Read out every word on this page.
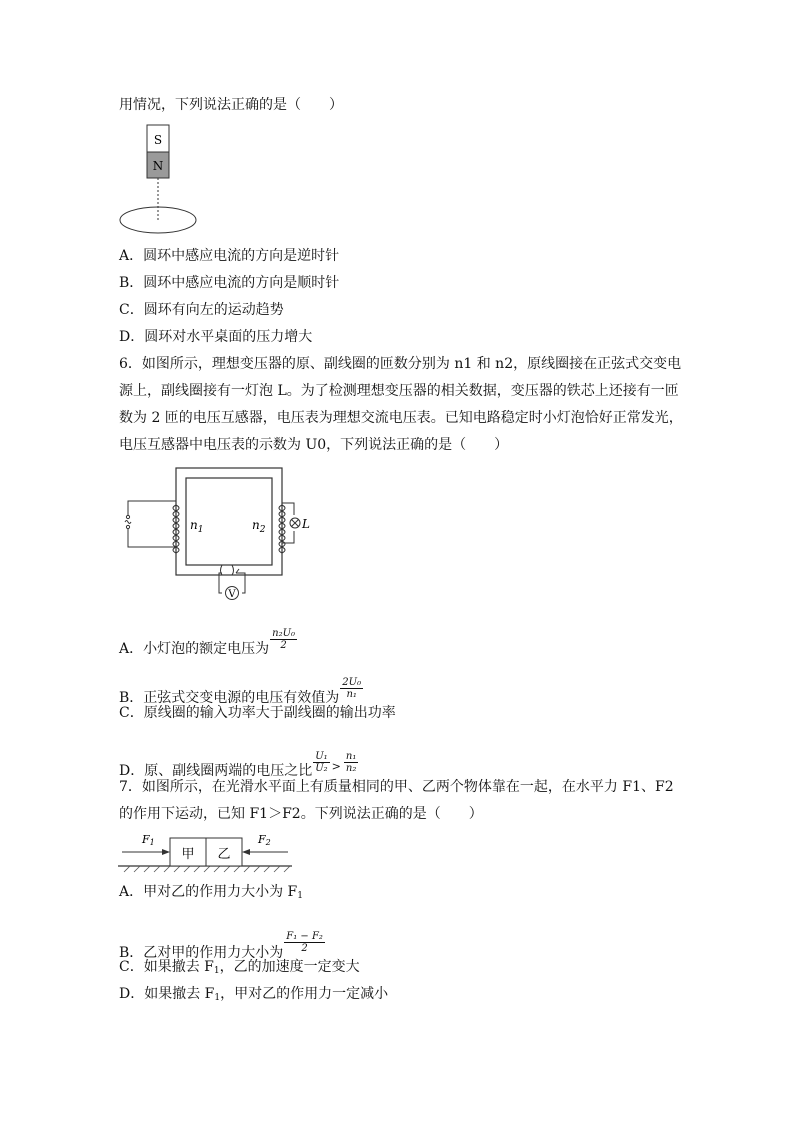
用情况，下列说法正确的是（　　）
S
N
A．圆环中感应电流的方向是逆时针
B．圆环中感应电流的方向是顺时针
C．圆环有向左的运动趋势
D．圆环对水平桌面的压力增大
6．如图所示，理想变压器的原、副线圈的匝数分别为 n1 和 n2，原线圈接在正弦式交变电
源上，副线圈接有一灯泡 L。为了检测理想变压器的相关数据，变压器的铁芯上还接有一匝
数为 2 匝的电压互感器，电压表为理想交流电压表。已知电路稳定时小灯泡恰好正常发光，
电压互感器中电压表的示数为 U0，下列说法正确的是（　　）
$n_1$	$n_2$	L
V
A．小灯泡的额定电压为 $\frac{\text{n₂U₀}}{2}$
B．正弦式交变电源的电压有效值为 $\frac{\text{2U₀}}{\text{n₁}}$
C．原线圈的输入功率大于副线圈的输出功率
D．原、副线圈两端的电压之比 $\frac{\text{U₁}}{\text{U₂}} ^> \frac{\text{n₁}}{\text{n₂}}$
7．如图所示，在光滑水平面上有质量相同的甲、乙两个物体靠在一起，在水平力 F1、F2
的作用下运动，已知 F1＞F2。下列说法正确的是（　　）
甲 乙
F1	F2
A．甲对乙的作用力大小为 $F_1$
B．乙对甲的作用力大小为 $\frac{\text{F₁ − F₂}}{2}$
C．如果撤去 $F_1$，乙的加速度一定变大
D．如果撤去 $F_1$，甲对乙的作用力一定减小
